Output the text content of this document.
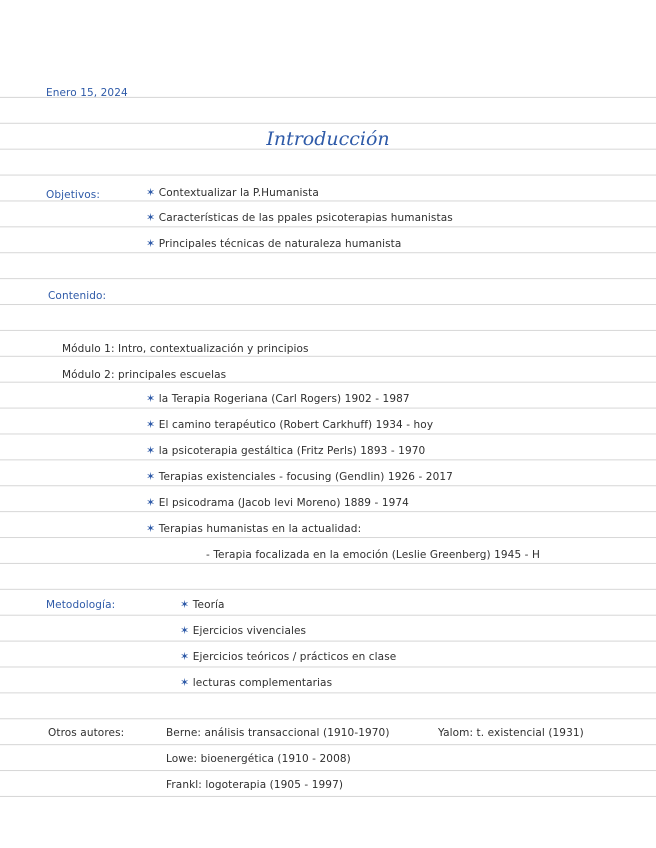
Enero 15, 2024
Introducción
Objetivos:	✶ Contextualizar la P.Humanista
✶ Características de las ppales psicoterapias humanistas
✶ Principales técnicas de naturaleza humanista
Contenido:
Módulo 1: Intro, contextualización y principios
Módulo 2: principales escuelas
✶ la Terapia Rogeriana (Carl Rogers) 1902 - 1987
✶ El camino terapéutico (Robert Carkhuff) 1934 - hoy
✶ la psicoterapia gestáltica (Fritz Perls) 1893 - 1970
✶ Terapias existenciales - focusing (Gendlin) 1926 - 2017
✶ El psicodrama (Jacob levi Moreno) 1889 - 1974
✶ Terapias humanistas en la actualidad:
- Terapia focalizada en la emoción (Leslie Greenberg) 1945 - H
Metodología:	✶ Teoría
✶ Ejercicios vivenciales
✶ Ejercicios teóricos / prácticos en clase
✶ lecturas complementarias
Otros autores:	Berne: análisis transaccional (1910-1970)	Yalom: t. existencial (1931)
Lowe: bioenergética (1910 - 2008)
Frankl: logoterapia (1905 - 1997)
